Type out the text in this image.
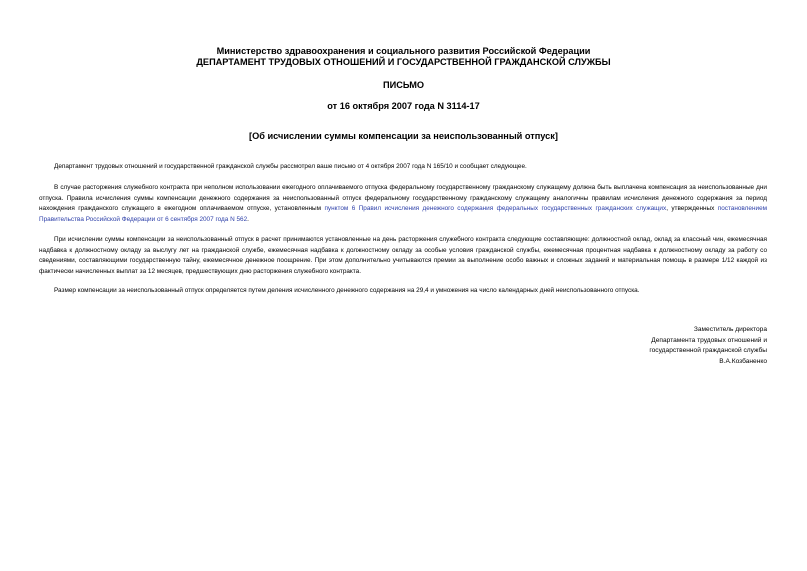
Министерство здравоохранения и социального развития Российской Федерации
ДЕПАРТАМЕНТ ТРУДОВЫХ ОТНОШЕНИЙ И ГОСУДАРСТВЕННОЙ ГРАЖДАНСКОЙ СЛУЖБЫ
ПИСЬМО
от 16 октября 2007 года N 3114-17
[Об исчислении суммы компенсации за неиспользованный отпуск]
Департамент трудовых отношений и государственной гражданской службы рассмотрел ваше письмо от 4 октября 2007 года N 165/10 и сообщает следующее.
В случае расторжения служебного контракта при неполном использовании ежегодного оплачиваемого отпуска федеральному государственному гражданскому служащему должна быть выплачена компенсация за неиспользованные дни отпуска. Правила исчисления суммы компенсации денежного содержания за неиспользованный отпуск федеральному государственному гражданскому служащему аналогичны правилам исчисления денежного содержания за период нахождения гражданского служащего в ежегодном оплачиваемом отпуске, установленным пунктом 6 Правил исчисления денежного содержания федеральных государственных гражданских служащих, утвержденных постановлением Правительства Российской Федерации от 6 сентября 2007 года N 562.
При исчислении суммы компенсации за неиспользованный отпуск в расчет принимаются установленные на день расторжения служебного контракта следующие составляющие: должностной оклад, оклад за классный чин, ежемесячная надбавка к должностному окладу за выслугу лет на гражданской службе, ежемесячная надбавка к должностному окладу за особые условия гражданской службы, ежемесячная процентная надбавка к должностному окладу за работу со сведениями, составляющими государственную тайну, ежемесячное денежное поощрение. При этом дополнительно учитываются премии за выполнение особо важных и сложных заданий и материальная помощь в размере 1/12 каждой из фактически начисленных выплат за 12 месяцев, предшествующих дню расторжения служебного контракта.
Размер компенсации за неиспользованный отпуск определяется путем деления исчисленного денежного содержания на 29,4 и умножения на число календарных дней неиспользованного отпуска.
Заместитель директора
Департамента трудовых отношений и
государственной гражданской службы
В.А.Козбаненко
